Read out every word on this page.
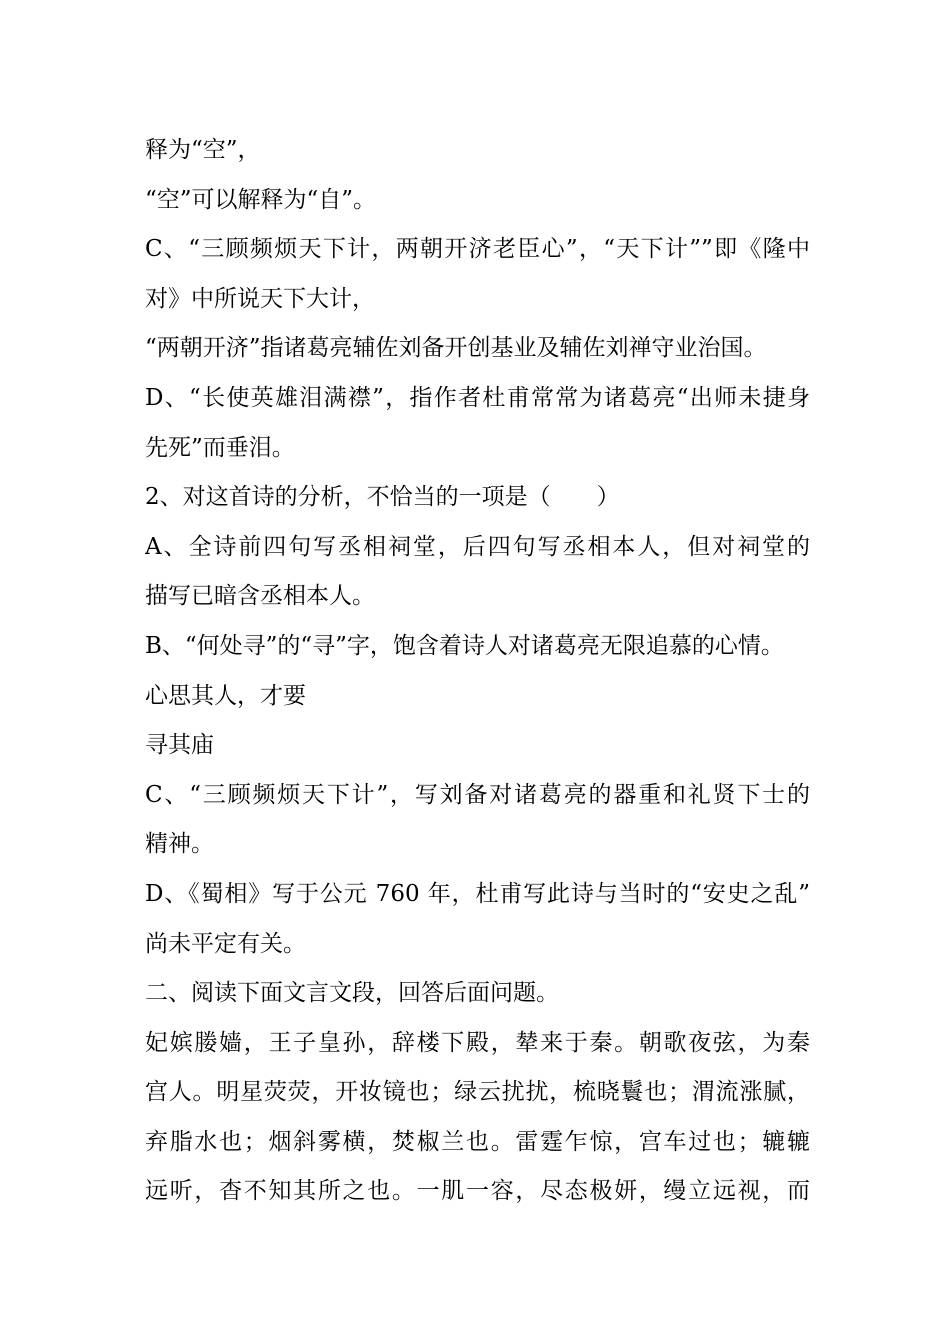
释为“空”，
“空”可以解释为“自”。
C、“三顾频烦天下计，两朝开济老臣心”，“天下计””即《隆中
对》中所说天下大计，
“两朝开济”指诸葛亮辅佐刘备开创基业及辅佐刘禅守业治国。
D、“长使英雄泪满襟”，指作者杜甫常常为诸葛亮“出师未捷身
先死”而垂泪。
2、对这首诗的分析，不恰当的一项是（　　）
A、全诗前四句写丞相祠堂，后四句写丞相本人，但对祠堂的
描写已暗含丞相本人。
B、“何处寻”的“寻”字，饱含着诗人对诸葛亮无限追慕的心情。
心思其人，才要
寻其庙
C、“三顾频烦天下计”，写刘备对诸葛亮的器重和礼贤下士的
精神。
D、《蜀相》写于公元 760 年，杜甫写此诗与当时的“安史之乱”
尚未平定有关。
二、阅读下面文言文段，回答后面问题。
妃嫔媵嫱，王子皇孙，辞楼下殿，辇来于秦。朝歌夜弦，为秦
宫人。明星荧荧，开妆镜也；绿云扰扰，梳晓鬟也；渭流涨腻，
弃脂水也；烟斜雾横，焚椒兰也。雷霆乍惊，宫车过也；辘辘
远听，杳不知其所之也。一肌一容，尽态极妍，缦立远视，而
